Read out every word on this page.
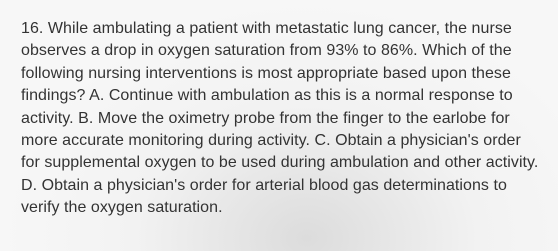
16. While ambulating a patient with metastatic lung cancer, the nurse observes a drop in oxygen saturation from 93% to 86%. Which of the following nursing interventions is most appropriate based upon these findings? A. Continue with ambulation as this is a normal response to activity. B. Move the oximetry probe from the finger to the earlobe for more accurate monitoring during activity. C. Obtain a physician's order for supplemental oxygen to be used during ambulation and other activity. D. Obtain a physician's order for arterial blood gas determinations to verify the oxygen saturation.
